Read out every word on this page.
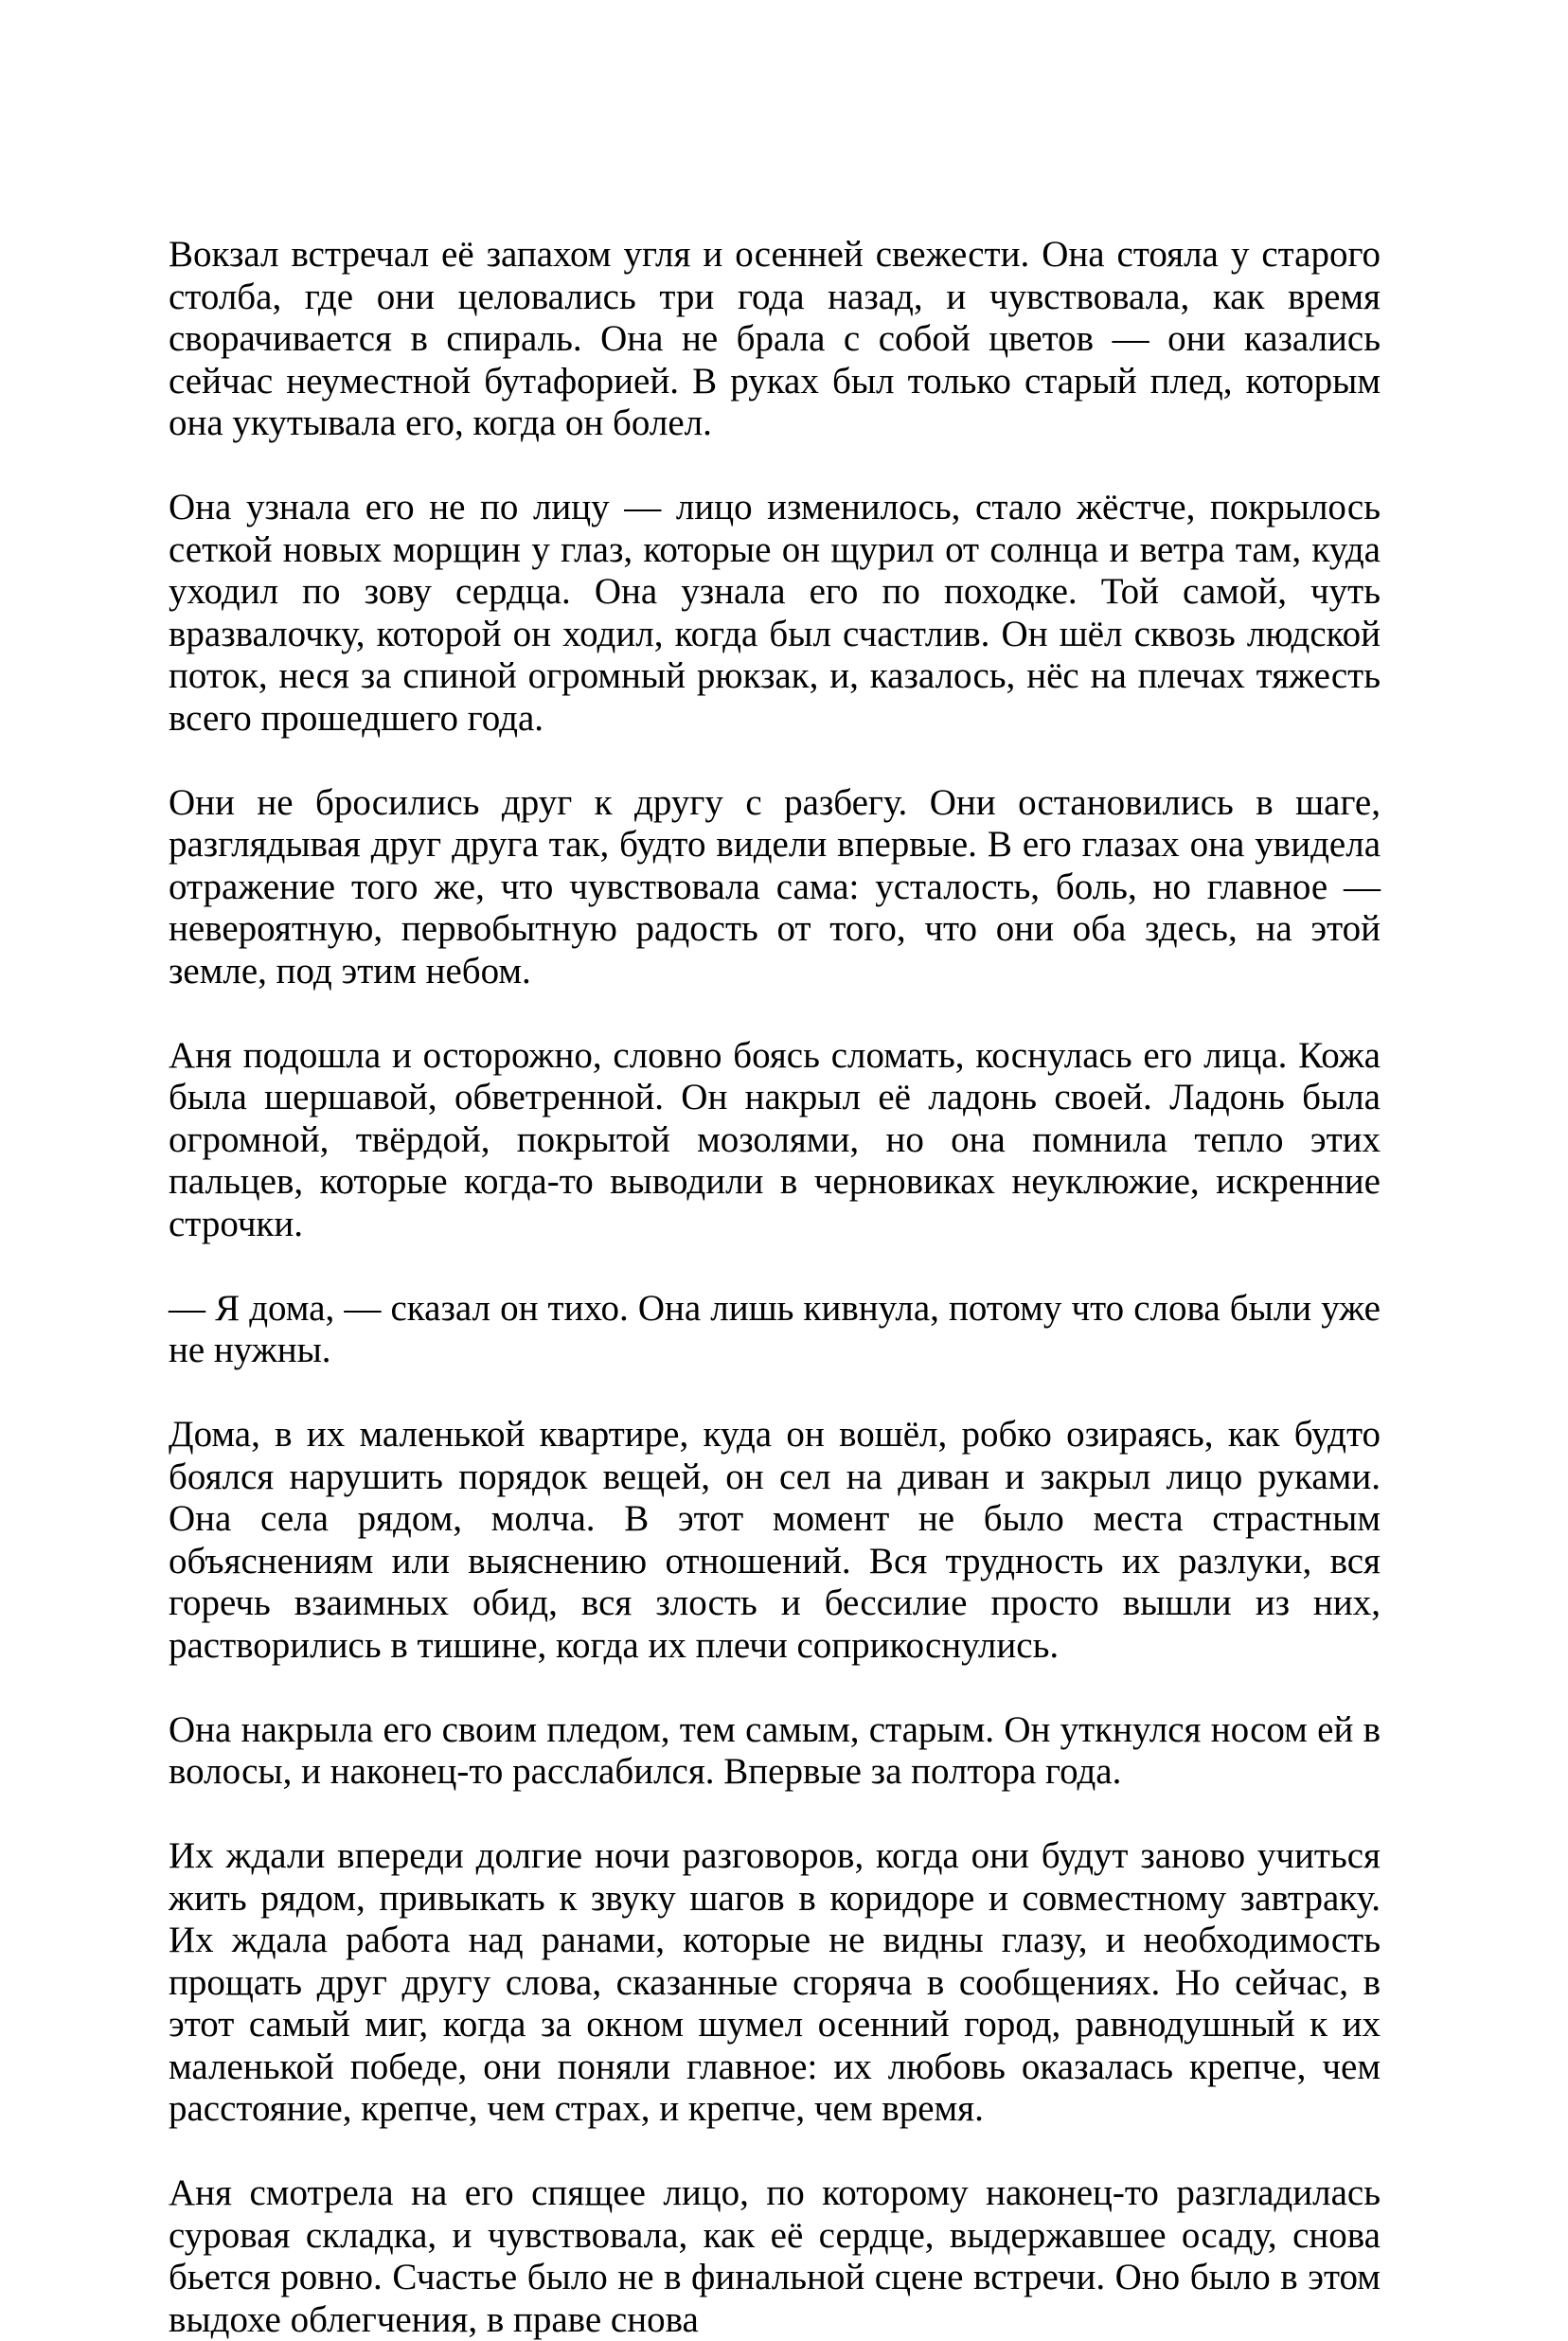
Вокзал встречал её запахом угля и осенней свежести. Она стояла у старого столба, где они целовались три года назад, и чувствовала, как время сворачивается в спираль. Она не брала с собой цветов — они казались сейчас неуместной бутафорией. В руках был только старый плед, которым она укутывала его, когда он болел.

Она узнала его не по лицу — лицо изменилось, стало жёстче, покрылось сеткой новых морщин у глаз, которые он щурил от солнца и ветра там, куда уходил по зову сердца. Она узнала его по походке. Той самой, чуть вразвалочку, которой он ходил, когда был счастлив. Он шёл сквозь людской поток, неся за спиной огромный рюкзак, и, казалось, нёс на плечах тяжесть всего прошедшего года.

Они не бросились друг к другу с разбегу. Они остановились в шаге, разглядывая друг друга так, будто видели впервые. В его глазах она увидела отражение того же, что чувствовала сама: усталость, боль, но главное — невероятную, первобытную радость от того, что они оба здесь, на этой земле, под этим небом.

Аня подошла и осторожно, словно боясь сломать, коснулась его лица. Кожа была шершавой, обветренной. Он накрыл её ладонь своей. Ладонь была огромной, твёрдой, покрытой мозолями, но она помнила тепло этих пальцев, которые когда-то выводили в черновиках неуклюжие, искренние строчки.

— Я дома, — сказал он тихо. Она лишь кивнула, потому что слова были уже не нужны.

Дома, в их маленькой квартире, куда он вошёл, робко озираясь, как будто боялся нарушить порядок вещей, он сел на диван и закрыл лицо руками. Она села рядом, молча. В этот момент не было места страстным объяснениям или выяснению отношений. Вся трудность их разлуки, вся горечь взаимных обид, вся злость и бессилие просто вышли из них, растворились в тишине, когда их плечи соприкоснулись.

Она накрыла его своим пледом, тем самым, старым. Он уткнулся носом ей в волосы, и наконец-то расслабился. Впервые за полтора года.

Их ждали впереди долгие ночи разговоров, когда они будут заново учиться жить рядом, привыкать к звуку шагов в коридоре и совместному завтраку. Их ждала работа над ранами, которые не видны глазу, и необходимость прощать друг другу слова, сказанные сгоряча в сообщениях. Но сейчас, в этот самый миг, когда за окном шумел осенний город, равнодушный к их маленькой победе, они поняли главное: их любовь оказалась крепче, чем расстояние, крепче, чем страх, и крепче, чем время.

Аня смотрела на его спящее лицо, по которому наконец-то разгладилась суровая складка, и чувствовала, как её сердце, выдержавшее осаду, снова бьется ровно. Счастье было не в финальной сцене встречи. Оно было в этом выдохе облегчения, в праве снова
